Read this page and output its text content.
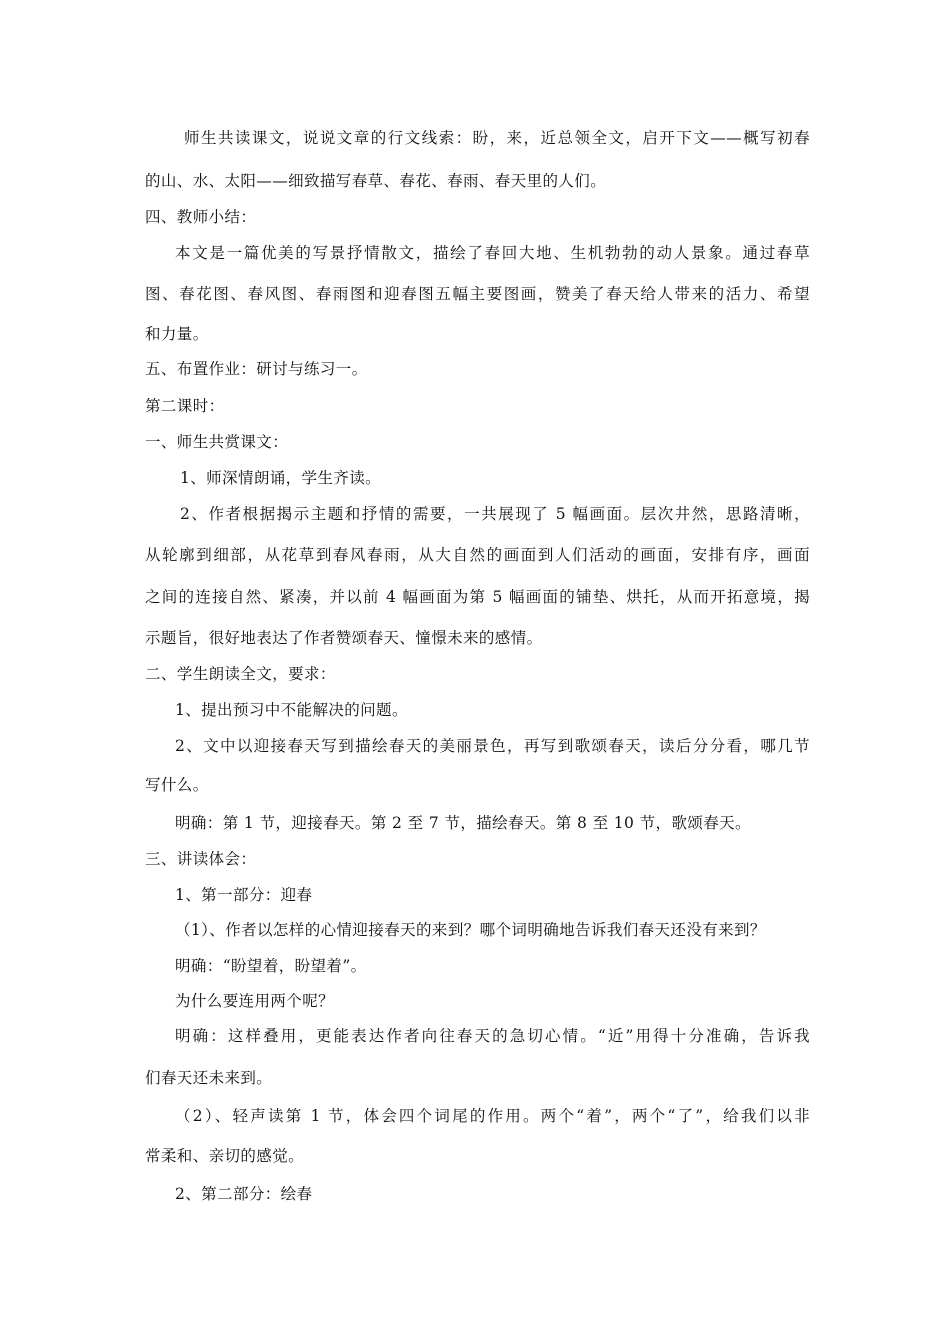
师生共读课文，说说文章的行文线索：盼，来，近总领全文，启开下文——概写初春
的山、水、太阳——细致描写春草、春花、春雨、春天里的人们。
四、教师小结：
本文是一篇优美的写景抒情散文，描绘了春回大地、生机勃勃的动人景象。通过春草
图、春花图、春风图、春雨图和迎春图五幅主要图画，赞美了春天给人带来的活力、希望
和力量。
五、布置作业：研讨与练习一。
第二课时：
一、师生共赏课文：
1、师深情朗诵，学生齐读。
2、作者根据揭示主题和抒情的需要，一共展现了 5 幅画面。层次井然，思路清晰，
从轮廓到细部，从花草到春风春雨，从大自然的画面到人们活动的画面，安排有序，画面
之间的连接自然、紧凑，并以前 4 幅画面为第 5 幅画面的铺垫、烘托，从而开拓意境，揭
示题旨，很好地表达了作者赞颂春天、憧憬未来的感情。
二、学生朗读全文，要求：
1、提出预习中不能解决的问题。
2、文中以迎接春天写到描绘春天的美丽景色，再写到歌颂春天，读后分分看，哪几节
写什么。
明确：第 1 节，迎接春天。第 2 至 7 节，描绘春天。第 8 至 10 节，歌颂春天。
三、讲读体会：
1、第一部分：迎春
（1）、作者以怎样的心情迎接春天的来到？哪个词明确地告诉我们春天还没有来到？
明确：“盼望着，盼望着”。
为什么要连用两个呢？
明确：这样叠用，更能表达作者向往春天的急切心情。“近”用得十分准确，告诉我
们春天还未来到。
（2）、轻声读第 1 节，体会四个词尾的作用。两个“着”，两个“了”，给我们以非
常柔和、亲切的感觉。
2、第二部分：绘春
